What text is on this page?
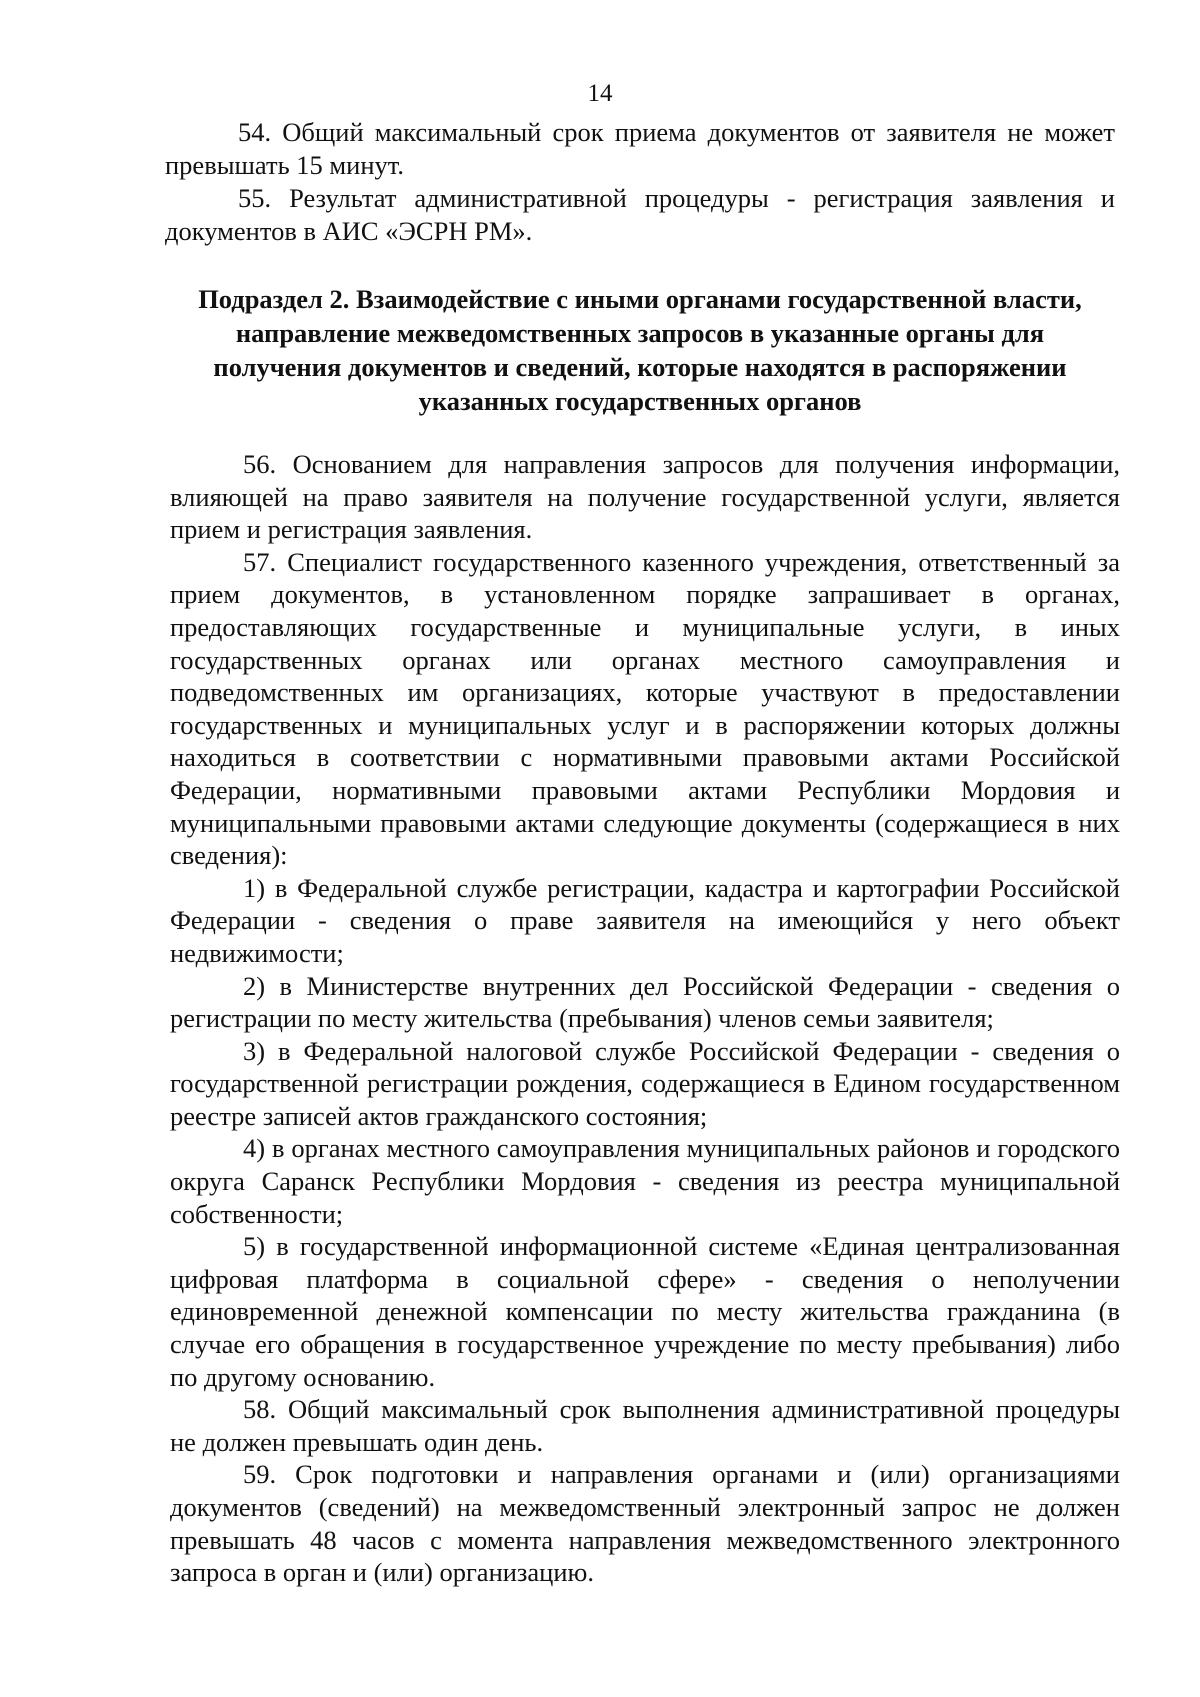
14

54. Общий максимальный срок приема документов от заявителя не может превышать 15 минут.

55. Результат административной процедуры - регистрация заявления и документов в АИС «ЭСРН РМ».

Подраздел 2. Взаимодействие с иными органами государственной власти, направление межведомственных запросов в указанные органы для получения документов и сведений, которые находятся в распоряжении указанных государственных органов

56. Основанием для направления запросов для получения информации, влияющей на право заявителя на получение государственной услуги, является прием и регистрация заявления.

57. Специалист государственного казенного учреждения, ответственный за прием документов, в установленном порядке запрашивает в органах, предоставляющих государственные и муниципальные услуги, в иных государственных органах или органах местного самоуправления и подведомственных им организациях, которые участвуют в предоставлении государственных и муниципальных услуг и в распоряжении которых должны находиться в соответствии с нормативными правовыми актами Российской Федерации, нормативными правовыми актами Республики Мордовия и муниципальными правовыми актами следующие документы (содержащиеся в них сведения):

1) в Федеральной службе регистрации, кадастра и картографии Российской Федерации - сведения о праве заявителя на имеющийся у него объект недвижимости;

2) в Министерстве внутренних дел Российской Федерации - сведения о регистрации по месту жительства (пребывания) членов семьи заявителя;

3) в Федеральной налоговой службе Российской Федерации - сведения о государственной регистрации рождения, содержащиеся в Едином государственном реестре записей актов гражданского состояния;

4) в органах местного самоуправления муниципальных районов и городского округа Саранск Республики Мордовия - сведения из реестра муниципальной собственности;

5) в государственной информационной системе «Единая централизованная цифровая платформа в социальной сфере» - сведения о неполучении единовременной денежной компенсации по месту жительства гражданина (в случае его обращения в государственное учреждение по месту пребывания) либо по другому основанию.

58. Общий максимальный срок выполнения административной процедуры не должен превышать один день.

59. Срок подготовки и направления органами и (или) организациями документов (сведений) на межведомственный электронный запрос не должен превышать 48 часов с момента направления межведомственного электронного запроса в орган и (или) организацию.
